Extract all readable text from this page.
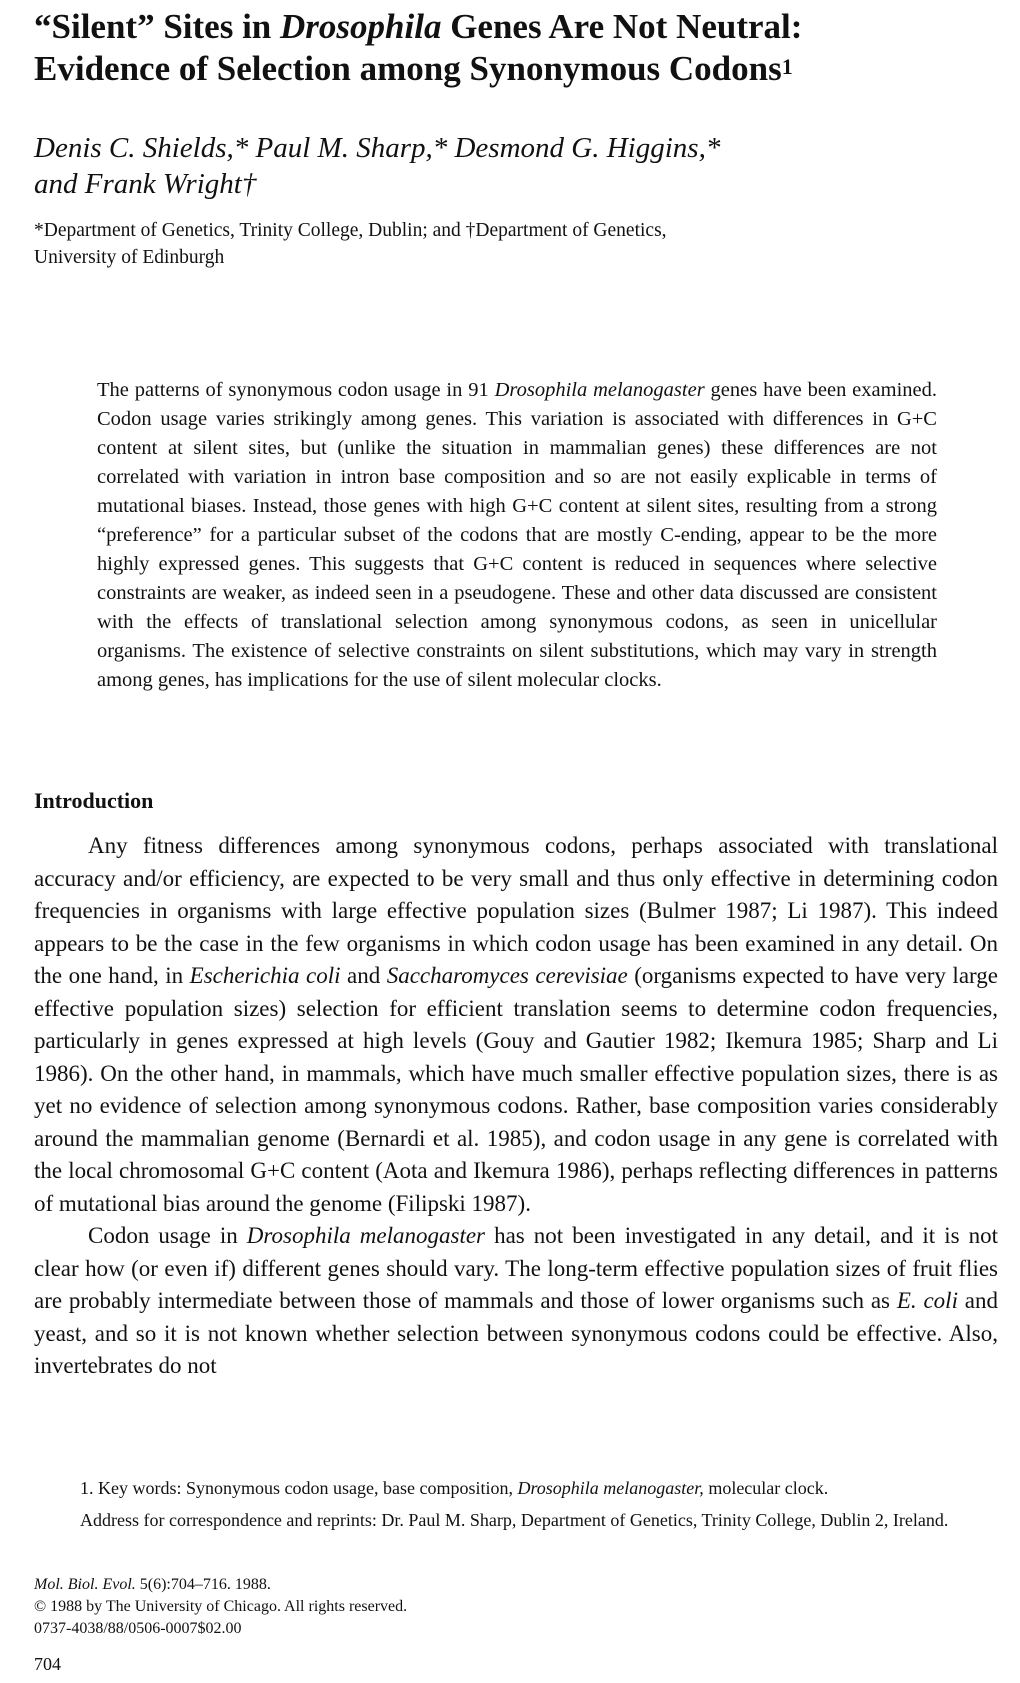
“Silent” Sites in Drosophila Genes Are Not Neutral:
Evidence of Selection among Synonymous Codons$^1$
Denis C. Shields,* Paul M. Sharp,* Desmond G. Higgins,*
and Frank Wright†
*Department of Genetics, Trinity College, Dublin; and †Department of Genetics,
University of Edinburgh

The patterns of synonymous codon usage in 91 Drosophila melanogaster genes have been examined. Codon usage varies strikingly among genes. This variation is associated with differences in G+C content at silent sites, but (unlike the situation in mammalian genes) these differences are not correlated with variation in intron base composition and so are not easily explicable in terms of mutational biases. Instead, those genes with high G+C content at silent sites, resulting from a strong “preference” for a particular subset of the codons that are mostly C-ending, appear to be the more highly expressed genes. This suggests that G+C content is reduced in sequences where selective constraints are weaker, as indeed seen in a pseudogene. These and other data discussed are consistent with the effects of translational selection among synonymous codons, as seen in unicellular organisms. The existence of selective constraints on silent substitutions, which may vary in strength among genes, has implications for the use of silent molecular clocks.

Introduction

Any fitness differences among synonymous codons, perhaps associated with translational accuracy and/or efficiency, are expected to be very small and thus only effective in determining codon frequencies in organisms with large effective population sizes (Bulmer 1987; Li 1987). This indeed appears to be the case in the few organisms in which codon usage has been examined in any detail. On the one hand, in Escherichia coli and Saccharomyces cerevisiae (organisms expected to have very large effective population sizes) selection for efficient translation seems to determine codon frequencies, particularly in genes expressed at high levels (Gouy and Gautier 1982; Ikemura 1985; Sharp and Li 1986). On the other hand, in mammals, which have much smaller effective population sizes, there is as yet no evidence of selection among synonymous codons. Rather, base composition varies considerably around the mammalian genome (Bernardi et al. 1985), and codon usage in any gene is correlated with the local chromosomal G+C content (Aota and Ikemura 1986), perhaps reflecting differences in patterns of mutational bias around the genome (Filipski 1987).

Codon usage in Drosophila melanogaster has not been investigated in any detail, and it is not clear how (or even if) different genes should vary. The long-term effective population sizes of fruit flies are probably intermediate between those of mammals and those of lower organisms such as E. coli and yeast, and so it is not known whether selection between synonymous codons could be effective. Also, invertebrates do not

1. Key words: Synonymous codon usage, base composition, Drosophila melanogaster, molecular clock.

Address for correspondence and reprints: Dr. Paul M. Sharp, Department of Genetics, Trinity College, Dublin 2, Ireland.

Mol. Biol. Evol. 5(6):704–716. 1988.
© 1988 by The University of Chicago. All rights reserved.
0737-4038/88/0506-0007$02.00
704
